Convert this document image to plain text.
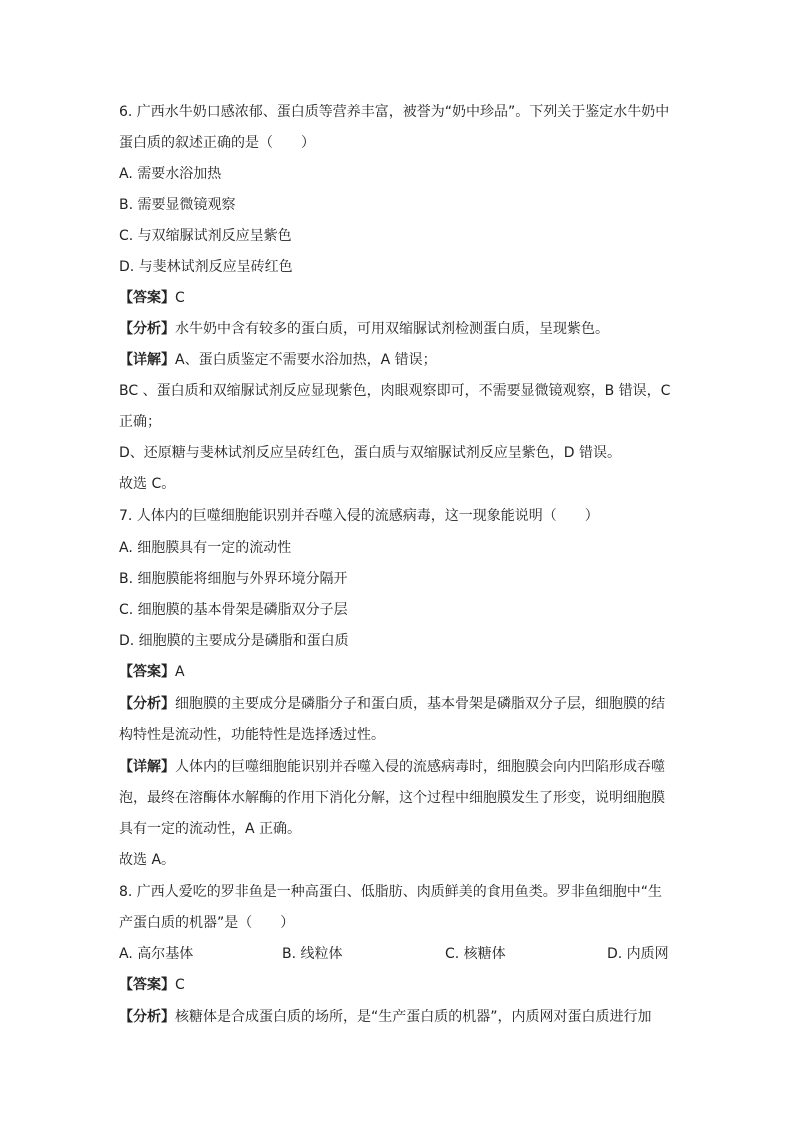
6. 广西水牛奶口感浓郁、蛋白质等营养丰富，被誉为“奶中珍品”。下列关于鉴定水牛奶中
蛋白质的叙述正确的是（　　）
A. 需要水浴加热
B. 需要显微镜观察
C. 与双缩脲试剂反应呈紫色
D. 与斐林试剂反应呈砖红色
【答案】C
【分析】水牛奶中含有较多的蛋白质，可用双缩脲试剂检测蛋白质，呈现紫色。
【详解】A、蛋白质鉴定不需要水浴加热，A 错误；
BC 、蛋白质和双缩脲试剂反应显现紫色，肉眼观察即可，不需要显微镜观察，B 错误，C
正确；
D、还原糖与斐林试剂反应呈砖红色，蛋白质与双缩脲试剂反应呈紫色，D 错误。
故选 C。
7. 人体内的巨噬细胞能识别并吞噬入侵的流感病毒，这一现象能说明（　　）
A. 细胞膜具有一定的流动性
B. 细胞膜能将细胞与外界环境分隔开
C. 细胞膜的基本骨架是磷脂双分子层
D. 细胞膜的主要成分是磷脂和蛋白质
【答案】A
【分析】细胞膜的主要成分是磷脂分子和蛋白质，基本骨架是磷脂双分子层，细胞膜的结
构特性是流动性，功能特性是选择透过性。
【详解】人体内的巨噬细胞能识别并吞噬入侵的流感病毒时，细胞膜会向内凹陷形成吞噬
泡，最终在溶酶体水解酶的作用下消化分解，这个过程中细胞膜发生了形变，说明细胞膜
具有一定的流动性，A 正确。
故选 A。
8. 广西人爱吃的罗非鱼是一种高蛋白、低脂肪、肉质鲜美的食用鱼类。罗非鱼细胞中“生
产蛋白质的机器”是（　　）
A. 高尔基体	B. 线粒体	C. 核糖体	D. 内质网
【答案】C
【分析】核糖体是合成蛋白质的场所，是“生产蛋白质的机器”，内质网对蛋白质进行加
